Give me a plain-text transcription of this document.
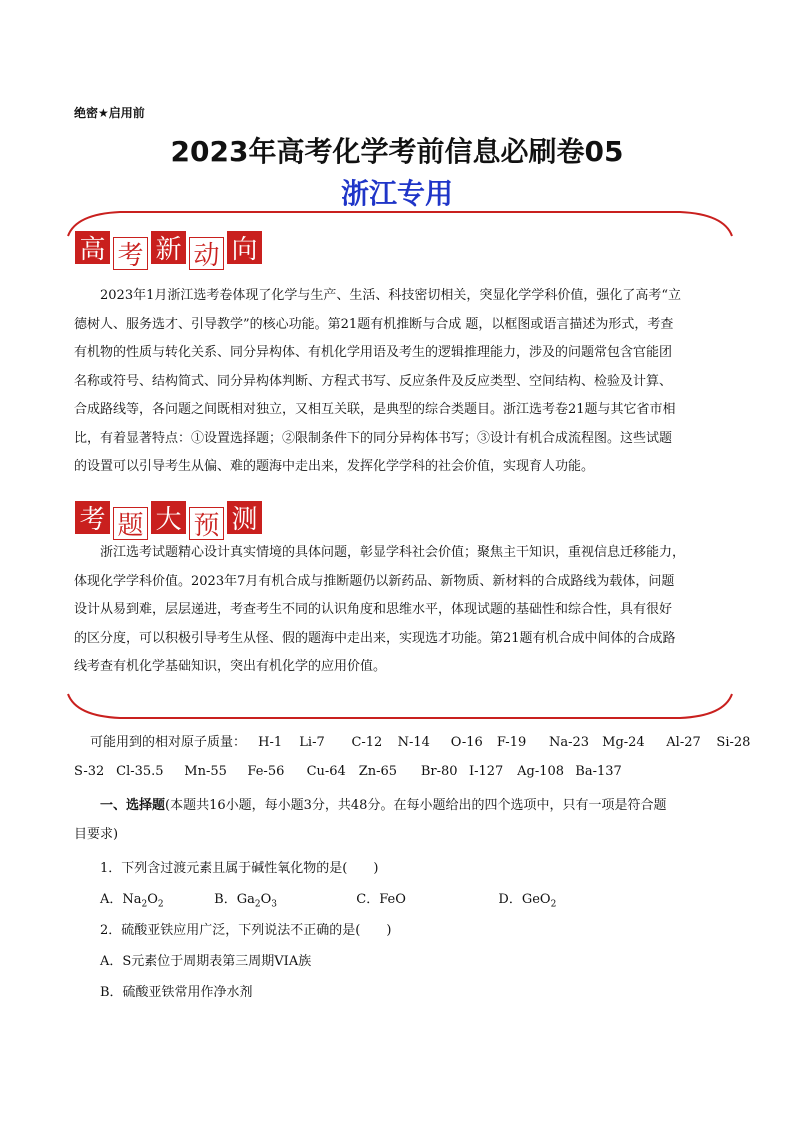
绝密★启用前
2023年高考化学考前信息必刷卷05
浙江专用
高 考 新 动 向

2023年1月浙江选考卷体现了化学与生产、生活、科技密切相关，突显化学学科价值，强化了高考“立

德树人、服务选才、引导教学”的核心功能。第21题有机推断与合成 题，以框图或语言描述为形式，考查
有机物的性质与转化关系、同分异构体、有机化学用语及考生的逻辑推理能力，涉及的问题常包含官能团
名称或符号、结构简式、同分异构体判断、方程式书写、反应条件及反应类型、空间结构、检验及计算、
合成路线等，各问题之间既相对独立，又相互关联，是典型的综合类题目。浙江选考卷21题与其它省市相
比，有着显著特点：①设置选择题；②限制条件下的同分异构体书写；③设计有机合成流程图。这些试题
的设置可以引导考生从偏、难的题海中走出来，发挥化学学科的社会价值，实现育人功能。
考 题 大 预 测

浙江选考试题精心设计真实情境的具体问题，彰显学科社会价值；聚焦主干知识，重视信息迁移能力，

体现化学学科价值。2023年7月有机合成与推断题仍以新药品、新物质、新材料的合成路线为载体，问题
设计从易到难，层层递进，考查考生不同的认识角度和思维水平，体现试题的基础性和综合性，具有很好
的区分度，可以积极引导考生从怪、假的题海中走出来，实现选才功能。第21题有机合成中间体的合成路
线考查有机化学基础知识，突出有机化学的应用价值。
可能用到的相对原子质量： H-1 Li-7 C-12 N-14 O-16 F-19 Na-23 Mg-24 Al-27 Si-28
S-32 Cl-35.5 Mn-55 Fe-56 Cu-64 Zn-65 Br-80 I-127 Ag-108 Ba-137
一、选择题(本题共16小题，每小题3分，共48分。在每小题给出的四个选项中，只有一项是符合题
目要求)
1．下列含过渡元素且属于碱性氧化物的是(　　)
A．$Na_2O_2$	B．$Ga_2O_3$	C．FeO	D．GeO$_2$
2．硫酸亚铁应用广泛，下列说法不正确的是(　　)
A．S元素位于周期表第三周期VIA族
B．硫酸亚铁常用作净水剂
